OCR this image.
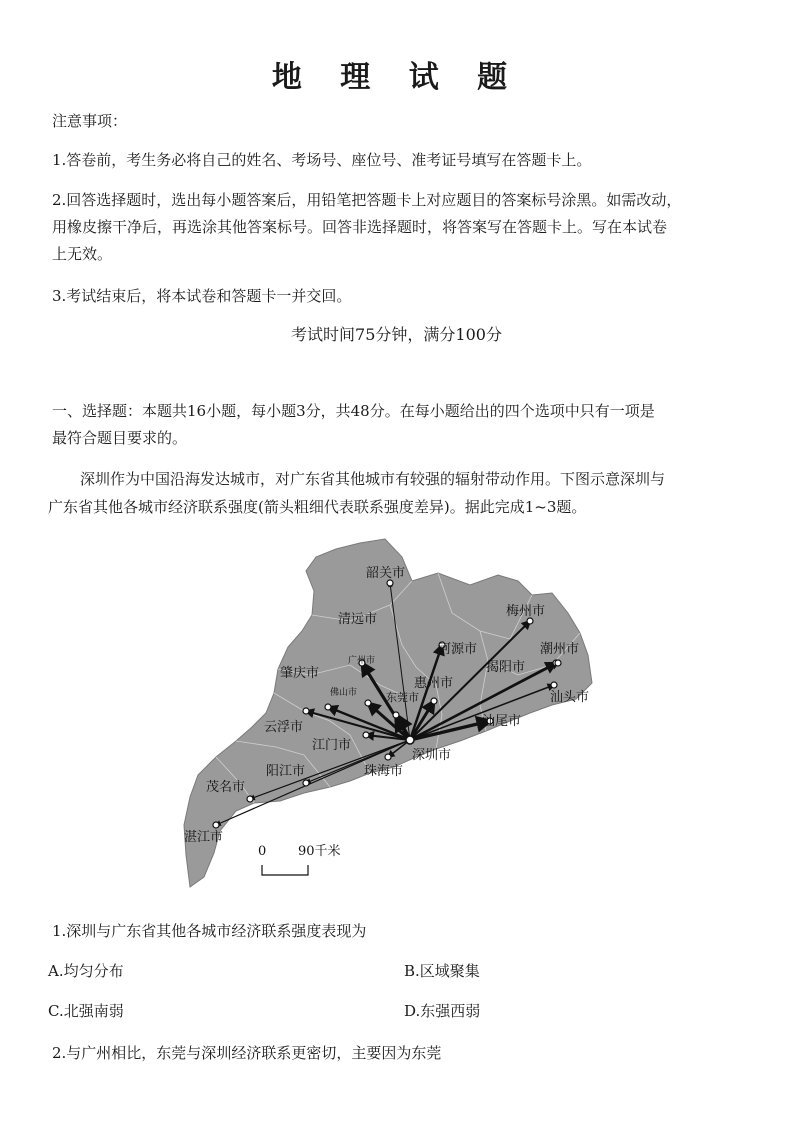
地 理 试 题
注意事项：
1.答卷前，考生务必将自己的姓名、考场号、座位号、准考证号填写在答题卡上。
2.回答选择题时，选出每小题答案后，用铅笔把答题卡上对应题目的答案标号涂黑。如需改动，
用橡皮擦干净后，再选涂其他答案标号。回答非选择题时，将答案写在答题卡上。写在本试卷
上无效。
3.考试结束后，将本试卷和答题卡一并交回。
考试时间75分钟，满分100分
一、选择题：本题共16小题，每小题3分，共48分。在每小题给出的四个选项中只有一项是
最符合题目要求的。
深圳作为中国沿海发达城市，对广东省其他城市有较强的辐射带动作用。下图示意深圳与
广东省其他各城市经济联系强度(箭头粗细代表联系强度差异)。据此完成1~3题。
韶关市
清远市
梅州市
河源市
肇庆市
广州市
佛山市
惠州市
东莞市
揭阳市
潮州市
汕头市
汕尾市
云浮市
江门市
深圳市
珠海市
阳江市
茂名市
湛江市
0 90千米
1.深圳与广东省其他各城市经济联系强度表现为
A.均匀分布	B.区域聚集
C.北强南弱	D.东强西弱
2.与广州相比，东莞与深圳经济联系更密切，主要因为东莞
